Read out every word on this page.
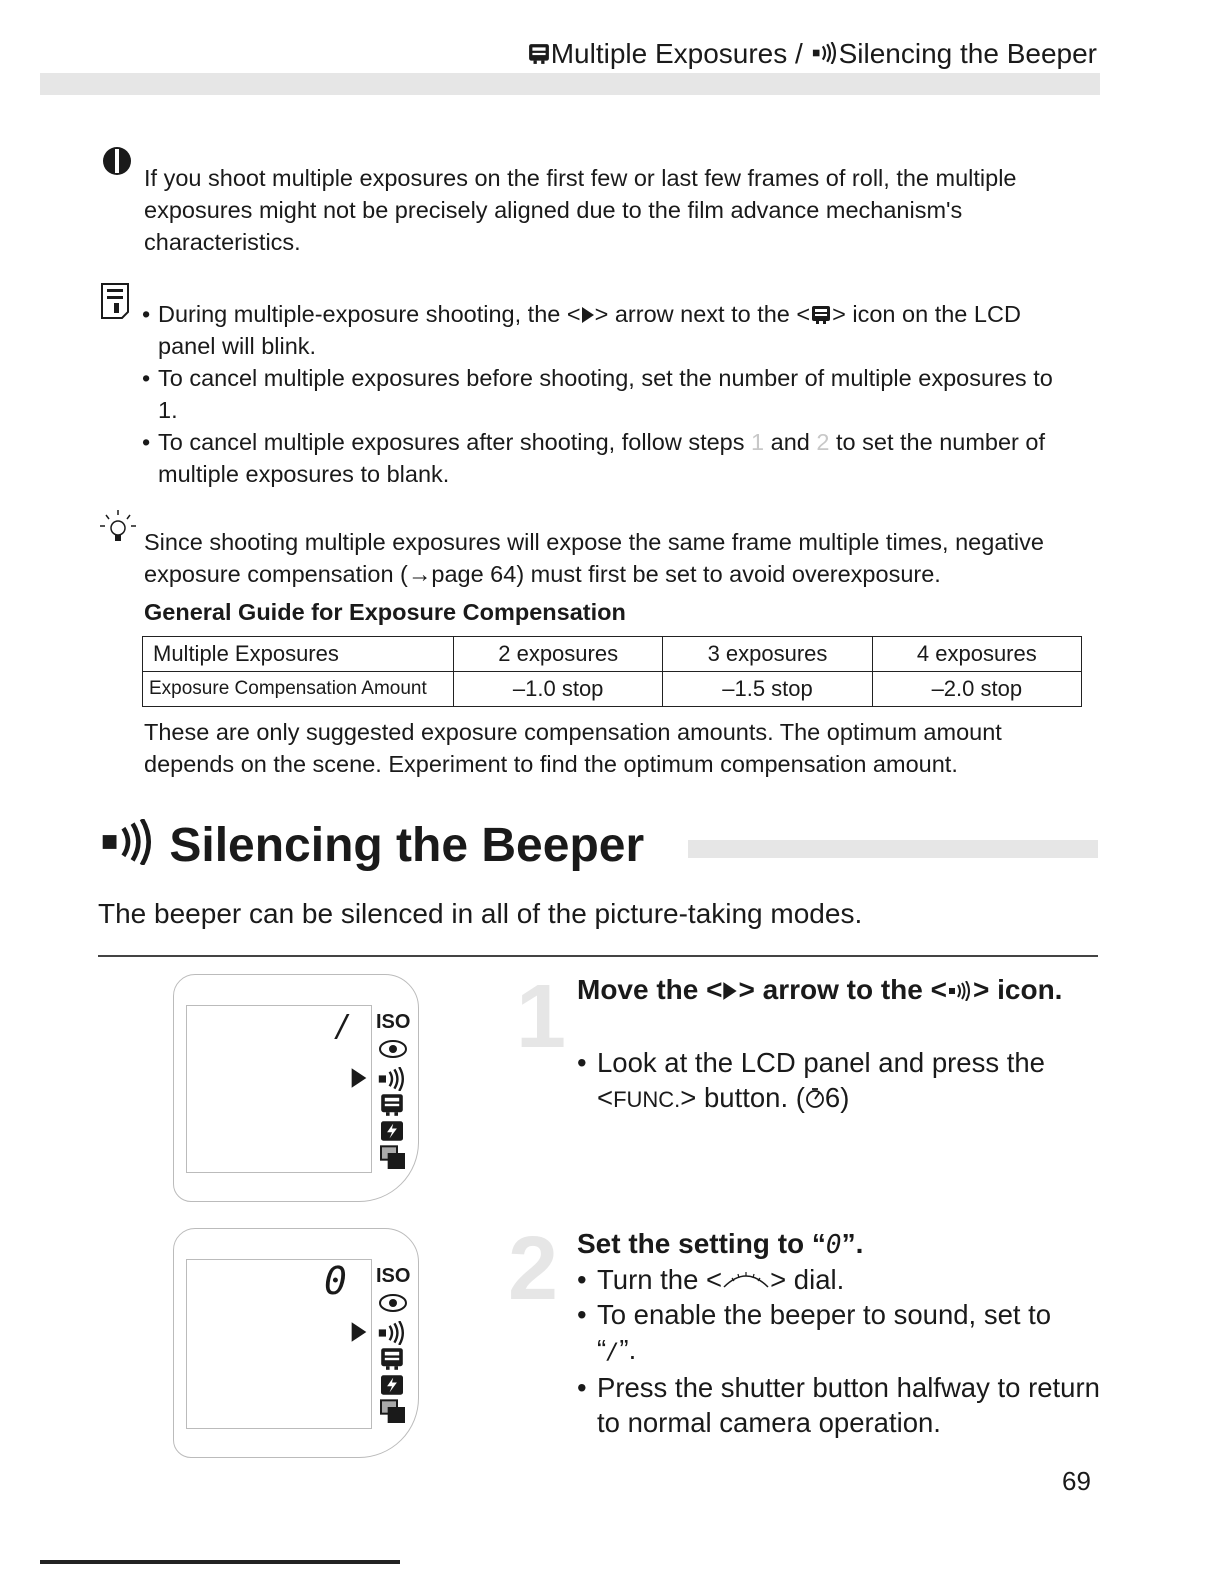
Multiple Exposures / Silencing the Beeper
If you shoot multiple exposures on the first few or last few frames of roll, the multiple exposures might not be precisely aligned due to the film advance mechanism's characteristics.
• During multiple-exposure shooting, the < > arrow next to the < > icon on the LCD panel will blink.
• To cancel multiple exposures before shooting, set the number of multiple exposures to 1.
• To cancel multiple exposures after shooting, follow steps 1 and 2 to set the number of multiple exposures to blank.
Since shooting multiple exposures will expose the same frame multiple times, negative exposure compensation (→page 64) must first be set to avoid overexposure.
General Guide for Exposure Compensation
Multiple Exposures	2 exposures	3 exposures	4 exposures
Exposure Compensation Amount	–1.0 stop	–1.5 stop	–2.0 stop
These are only suggested exposure compensation amounts. The optimum amount depends on the scene. Experiment to find the optimum compensation amount.
Silencing the Beeper
The beeper can be silenced in all of the picture-taking modes.
/ ISO 1 Move the < > arrow to the < > icon.
• Look at the LCD panel and press the
<FUNC.> button. ( 6)
0 ISO 2 Set the setting to “0”.
• Turn the < > dial.
• To enable the beeper to sound, set to
“/”.
• Press the shutter button halfway to return to normal camera operation.
69
